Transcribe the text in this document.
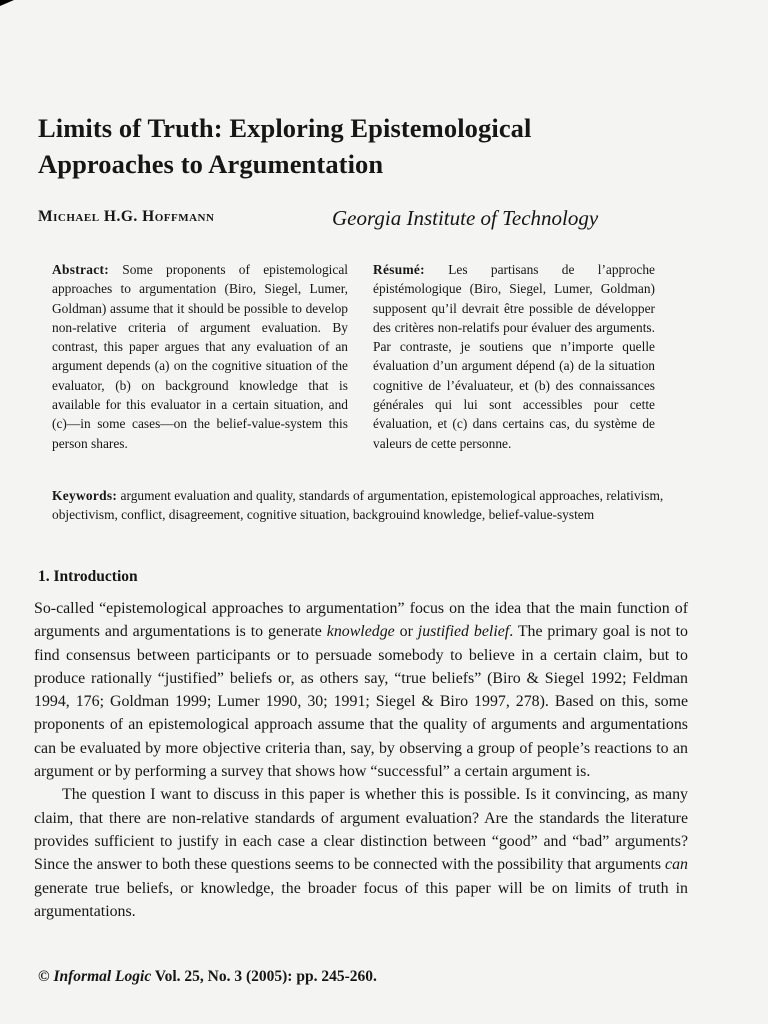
Limits of Truth: Exploring Epistemological
Approaches to Argumentation
Michael H.G. Hoffmann	Georgia Institute of Technology
Abstract: Some proponents of epistemological approaches to argumentation (Biro, Siegel, Lumer, Goldman) assume that it should be possible to develop non-relative criteria of argument evaluation. By contrast, this paper argues that any evaluation of an argument depends (a) on the cognitive situation of the evaluator, (b) on background knowledge that is available for this evaluator in a certain situation, and (c)—in some cases—on the belief-value-system this person shares.
Résumé: Les partisans de l’approche épistémologique (Biro, Siegel, Lumer, Goldman) supposent qu’il devrait être possible de développer des critères non-relatifs pour évaluer des arguments. Par contraste, je soutiens que n’importe quelle évaluation d’un argument dépend (a) de la situation cognitive de l’évaluateur, et (b) des connaissances générales qui lui sont accessibles pour cette évaluation, et (c) dans certains cas, du système de valeurs de cette personne.
Keywords: argument evaluation and quality, standards of argumentation, epistemological approaches, relativism, objectivism, conflict, disagreement, cognitive situation, backgrouind knowledge, belief-value-system
1. Introduction

So-called “epistemological approaches to argumentation” focus on the idea that the main function of arguments and argumentations is to generate knowledge or justified belief. The primary goal is not to find consensus between participants or to persuade somebody to believe in a certain claim, but to produce rationally “justified” beliefs or, as others say, “true beliefs” (Biro & Siegel 1992; Feldman 1994, 176; Goldman 1999; Lumer 1990, 30; 1991; Siegel & Biro 1997, 278). Based on this, some proponents of an epistemological approach assume that the quality of arguments and argumentations can be evaluated by more objective criteria than, say, by observing a group of people’s reactions to an argument or by performing a survey that shows how “successful” a certain argument is.

The question I want to discuss in this paper is whether this is possible. Is it convincing, as many claim, that there are non-relative standards of argument evaluation? Are the standards the literature provides sufficient to justify in each case a clear distinction between “good” and “bad” arguments? Since the answer to both these questions seems to be connected with the possibility that arguments can generate true beliefs, or knowledge, the broader focus of this paper will be on limits of truth in argumentations.

© Informal Logic Vol. 25, No. 3 (2005): pp. 245-260.
